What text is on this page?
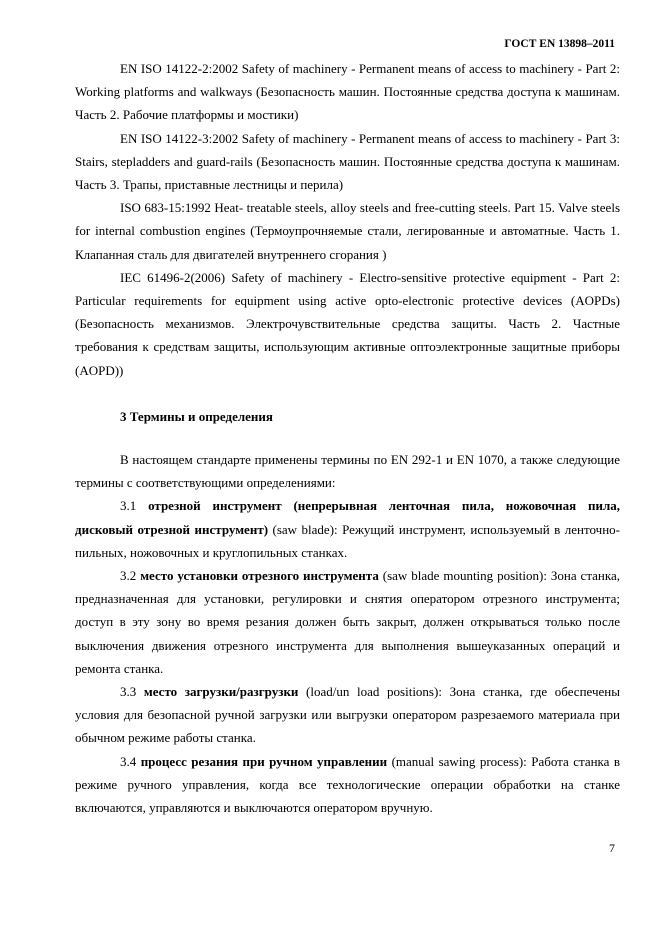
ГОСТ EN 13898–2011

EN ISO 14122-2:2002 Safety of machinery - Permanent means of access to machinery - Part 2: Working platforms and walkways (Безопасность машин. Постоянные средства доступа к машинам. Часть 2. Рабочие платформы и мостики)

EN ISO 14122-3:2002 Safety of machinery - Permanent means of access to machinery - Part 3: Stairs, stepladders and guard-rails (Безопасность машин. Постоянные средства доступа к машинам. Часть 3. Трапы, приставные лестницы и перила)

ISO 683-15:1992 Heat- treatable steels, alloy steels and free-cutting steels. Part 15. Valve steels for internal combustion engines (Термоупрочняемые стали, легированные и автоматные. Часть 1. Клапанная сталь для двигателей внутреннего сгорания )

IEC 61496-2(2006) Safety of machinery - Electro-sensitive protective equipment - Part 2: Particular requirements for equipment using active opto-electronic protective devices (AOPDs) (Безопасность механизмов. Электрочувствительные средства защиты. Часть 2. Частные требования к средствам защиты, использующим активные оптоэлектронные защитные приборы (AOPD))

3 Термины и определения

В настоящем стандарте применены термины по EN 292-1 и EN 1070, а также следующие термины с соответствующими определениями:

3.1 отрезной инструмент (непрерывная ленточная пила, ножовочная пила, дисковый отрезной инструмент) (saw blade): Режущий инструмент, используемый в ленточно-пильных, ножовочных и круглопильных станках.

3.2 место установки отрезного инструмента (saw blade mounting position): Зона станка, предназначенная для установки, регулировки и снятия оператором отрезного инструмента; доступ в эту зону во время резания должен быть закрыт, должен открываться только после выключения движения отрезного инструмента для выполнения вышеуказанных операций и ремонта станка.

3.3 место загрузки/разгрузки (load/un load positions): Зона станка, где обеспечены условия для безопасной ручной загрузки или выгрузки оператором разрезаемого материала при обычном режиме работы станка.

3.4 процесс резания при ручном управлении (manual sawing process): Работа станка в режиме ручного управления, когда все технологические операции обработки на станке включаются, управляются и выключаются оператором вручную.

7
